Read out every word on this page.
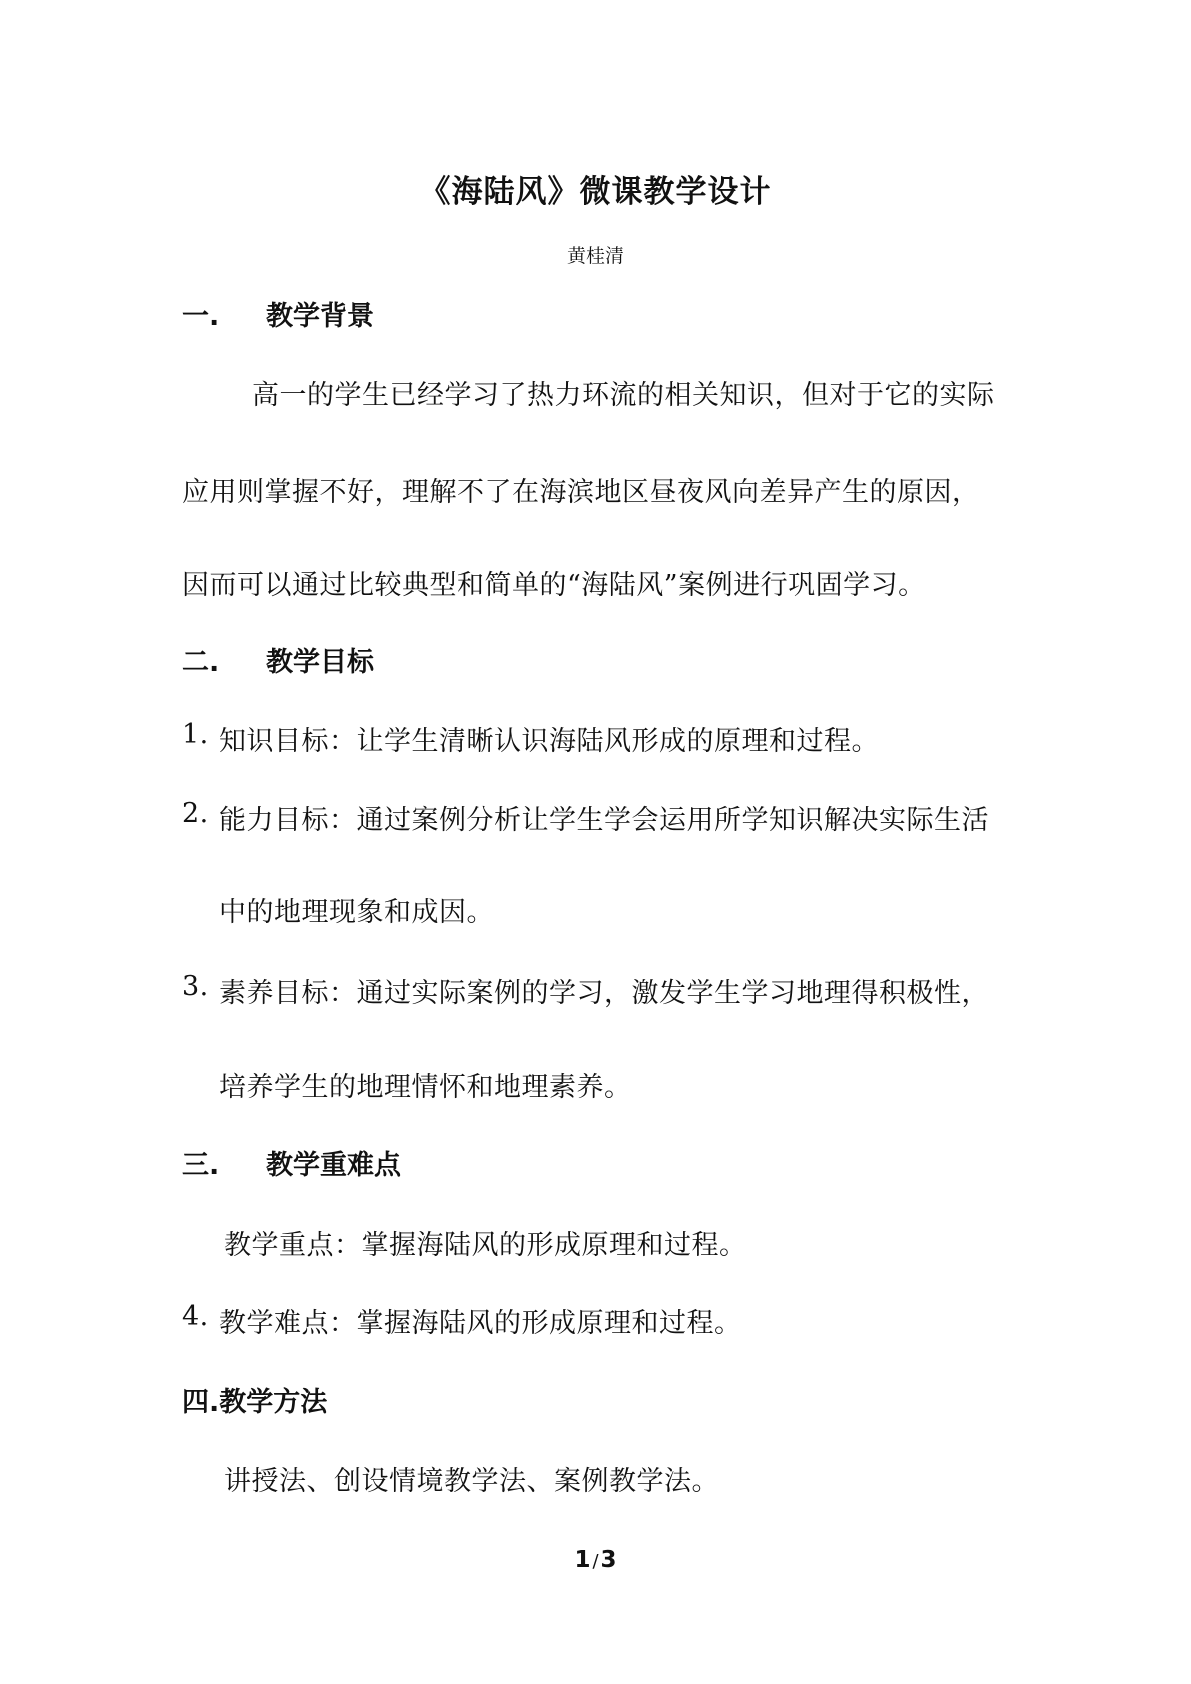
《海陆风》微课教学设计
黄桂清
一. 教学背景
高一的学生已经学习了热力环流的相关知识，但对于它的实际
应用则掌握不好，理解不了在海滨地区昼夜风向差异产生的原因，
因而可以通过比较典型和简单的“海陆风”案例进行巩固学习。
二. 教学目标
1. 知识目标：让学生清晰认识海陆风形成的原理和过程。
2. 能力目标：通过案例分析让学生学会运用所学知识解决实际生活
中的地理现象和成因。
3. 素养目标：通过实际案例的学习，激发学生学习地理得积极性，
培养学生的地理情怀和地理素养。
三. 教学重难点
教学重点：掌握海陆风的形成原理和过程。
4. 教学难点：掌握海陆风的形成原理和过程。
四.教学方法
讲授法、创设情境教学法、案例教学法。
1 /3
